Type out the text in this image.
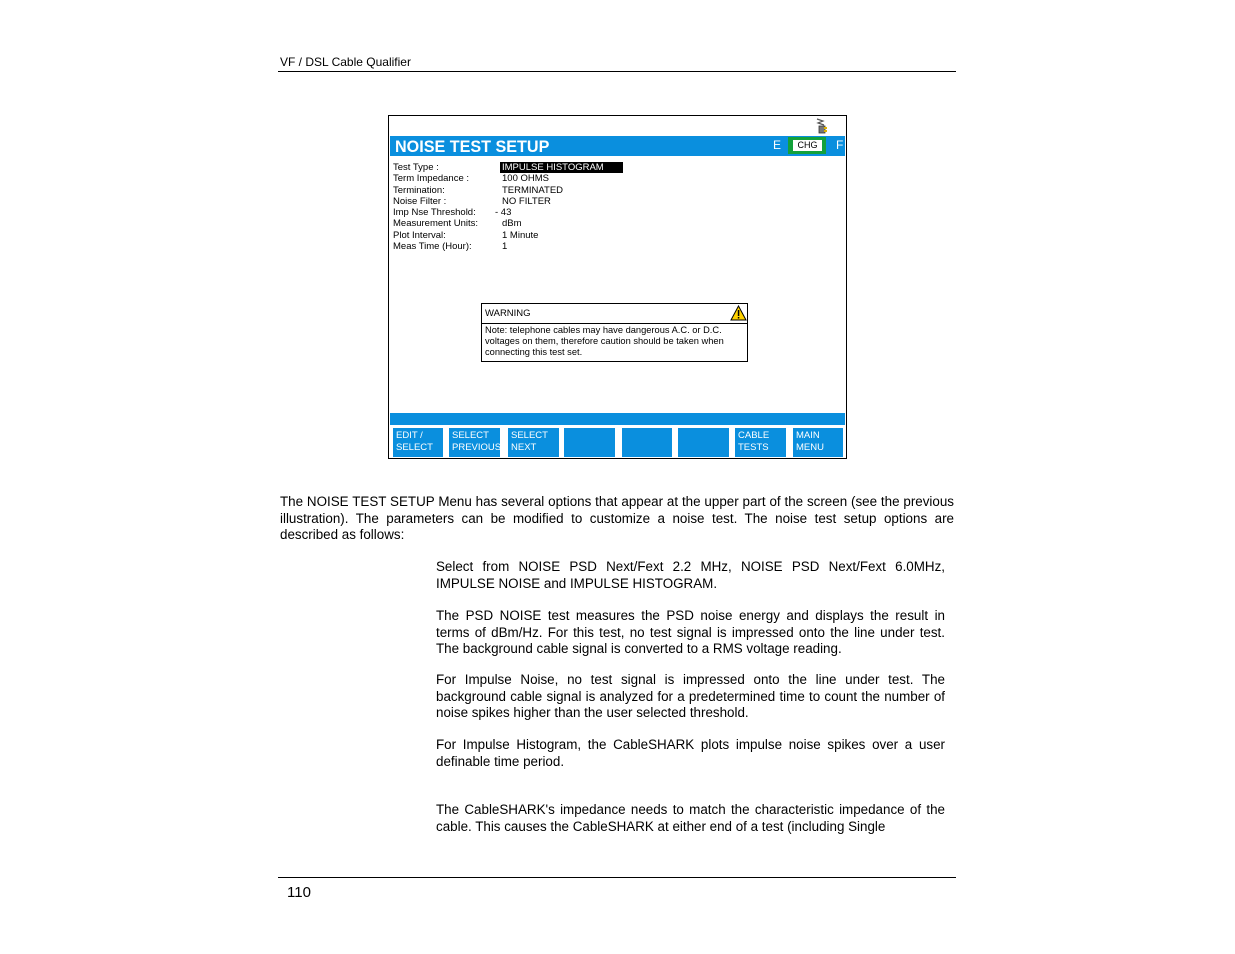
VF / DSL Cable Qualifier
NOISE TEST SETUP	E	CHG	F
Test Type :	IMPULSE HISTOGRAM
Term Impedance :	100 OHMS
Termination:	TERMINATED
Noise Filter :	NO FILTER
Imp Nse Threshold: - 43
Measurement Units:	dBm
Plot Interval:	1 Minute
Meas Time (Hour):	1
WARNING
Note: telephone cables may have dangerous A.C. or D.C.
voltages on them, therefore caution should be taken when
connecting this test set.
EDIT /
SELECT
SELECT
PREVIOUS
SELECT
NEXT
CABLE
TESTS
MAIN
MENU
The NOISE TEST SETUP Menu has several options that appear at the upper part of the screen (see the previous illustration). The parameters can be modified to customize a noise test. The noise test setup options are described as follows:
Select from NOISE PSD Next/Fext 2.2 MHz, NOISE PSD Next/Fext 6.0MHz, IMPULSE NOISE and IMPULSE HISTOGRAM.
The PSD NOISE test measures the PSD noise energy and displays the result in terms of dBm/Hz. For this test, no test signal is impressed onto the line under test. The background cable signal is converted to a RMS voltage reading.
For Impulse Noise, no test signal is impressed onto the line under test. The background cable signal is analyzed for a predetermined time to count the number of noise spikes higher than the user selected threshold.
For Impulse Histogram, the CableSHARK plots impulse noise spikes over a user definable time period.
The CableSHARK's impedance needs to match the characteristic impedance of the cable. This causes the CableSHARK at either end of a test (including Single
110
